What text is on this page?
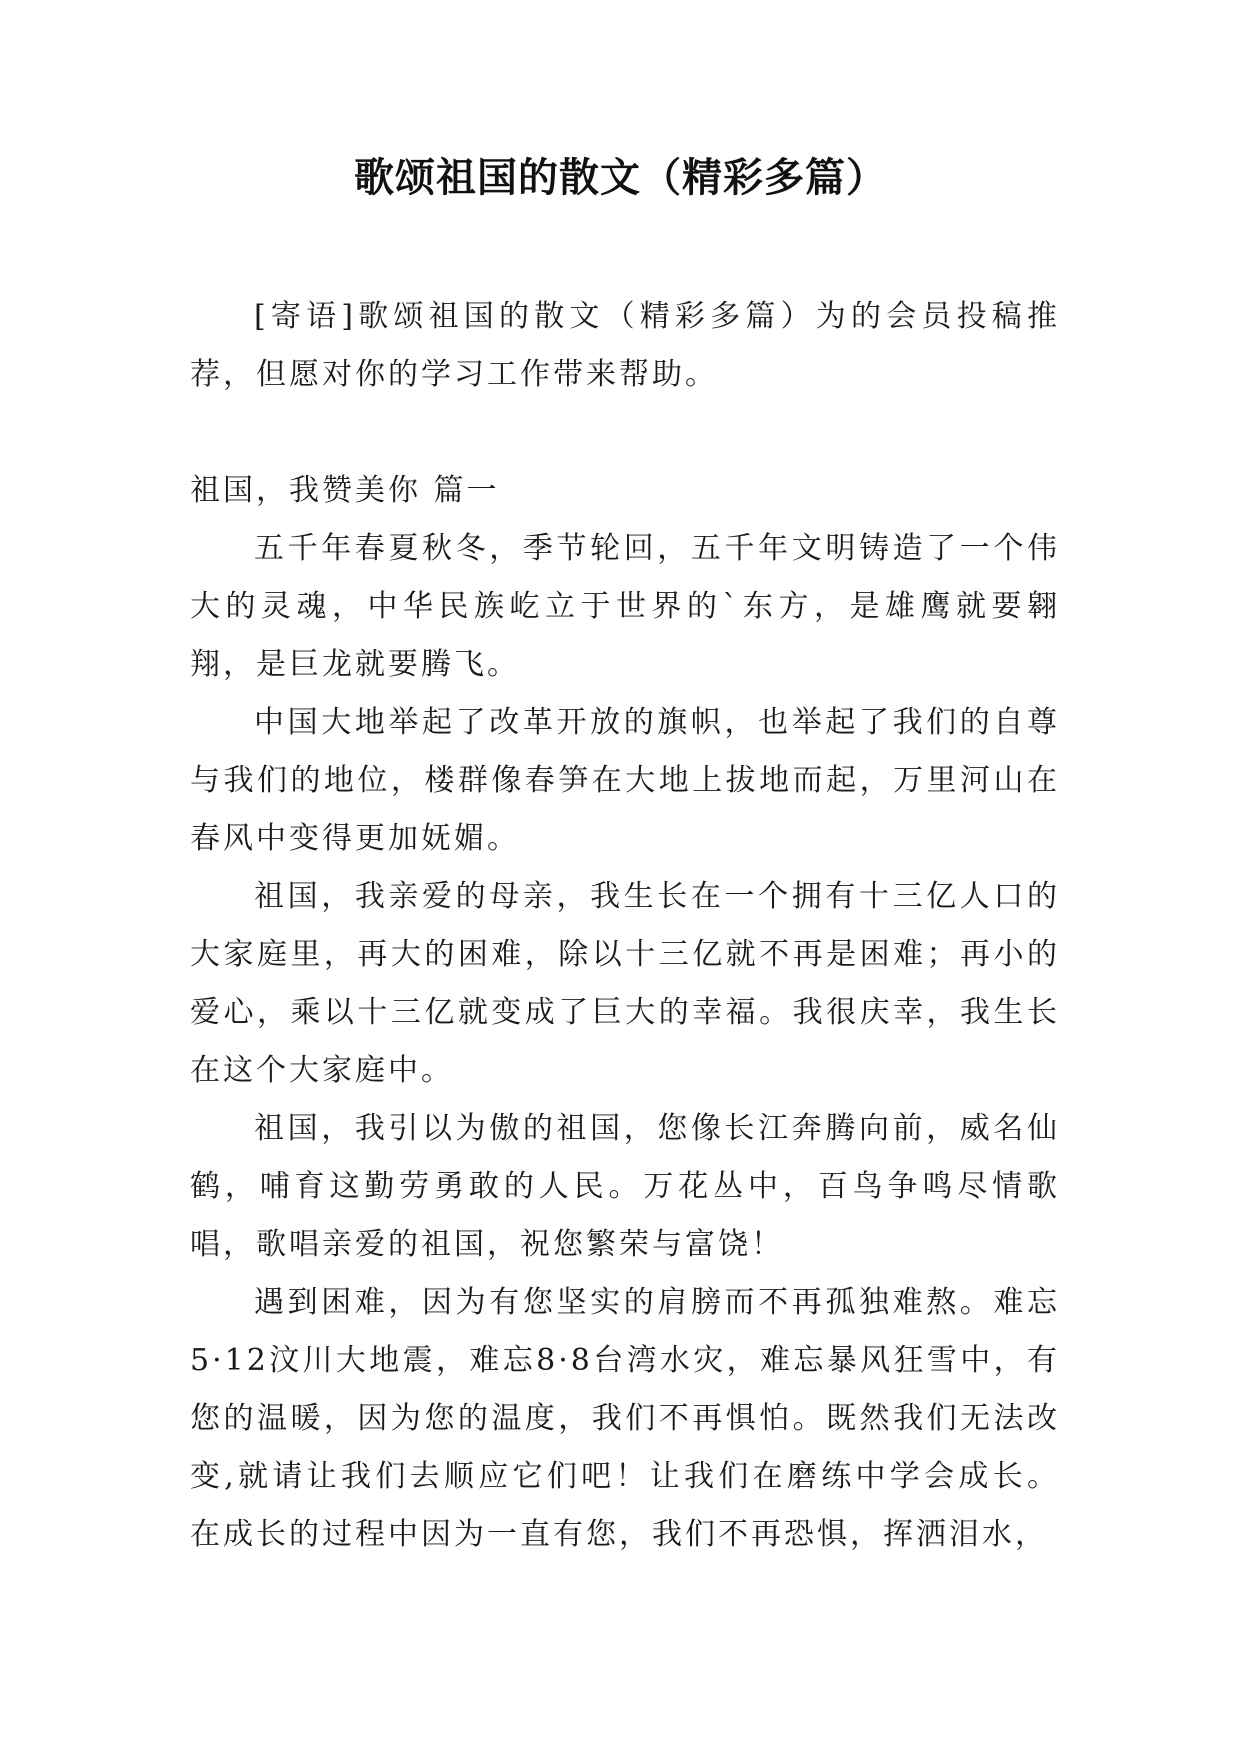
歌颂祖国的散文（精彩多篇）
[寄语]歌颂祖国的散文（精彩多篇）为的会员投稿推荐，但愿对你的学习工作带来帮助。

祖国，我赞美你 篇一

五千年春夏秋冬，季节轮回，五千年文明铸造了一个伟大的灵魂，中华民族屹立于世界的`东方，是雄鹰就要翱翔，是巨龙就要腾飞。

中国大地举起了改革开放的旗帜，也举起了我们的自尊与我们的地位，楼群像春笋在大地上拔地而起，万里河山在春风中变得更加妩媚。

祖国，我亲爱的母亲，我生长在一个拥有十三亿人口的大家庭里，再大的困难，除以十三亿就不再是困难；再小的爱心，乘以十三亿就变成了巨大的幸福。我很庆幸，我生长在这个大家庭中。

祖国，我引以为傲的祖国，您像长江奔腾向前，威名仙鹤，哺育这勤劳勇敢的人民。万花丛中，百鸟争鸣尽情歌唱，歌唱亲爱的祖国，祝您繁荣与富饶！

遇到困难，因为有您坚实的肩膀而不再孤独难熬。难忘5·12汶川大地震，难忘8·8台湾水灾，难忘暴风狂雪中，有您的温暖，因为您的温度，我们不再惧怕。既然我们无法改变,就请让我们去顺应它们吧！让我们在磨练中学会成长。在成长的过程中因为一直有您，我们不再恐惧，挥洒泪水，
